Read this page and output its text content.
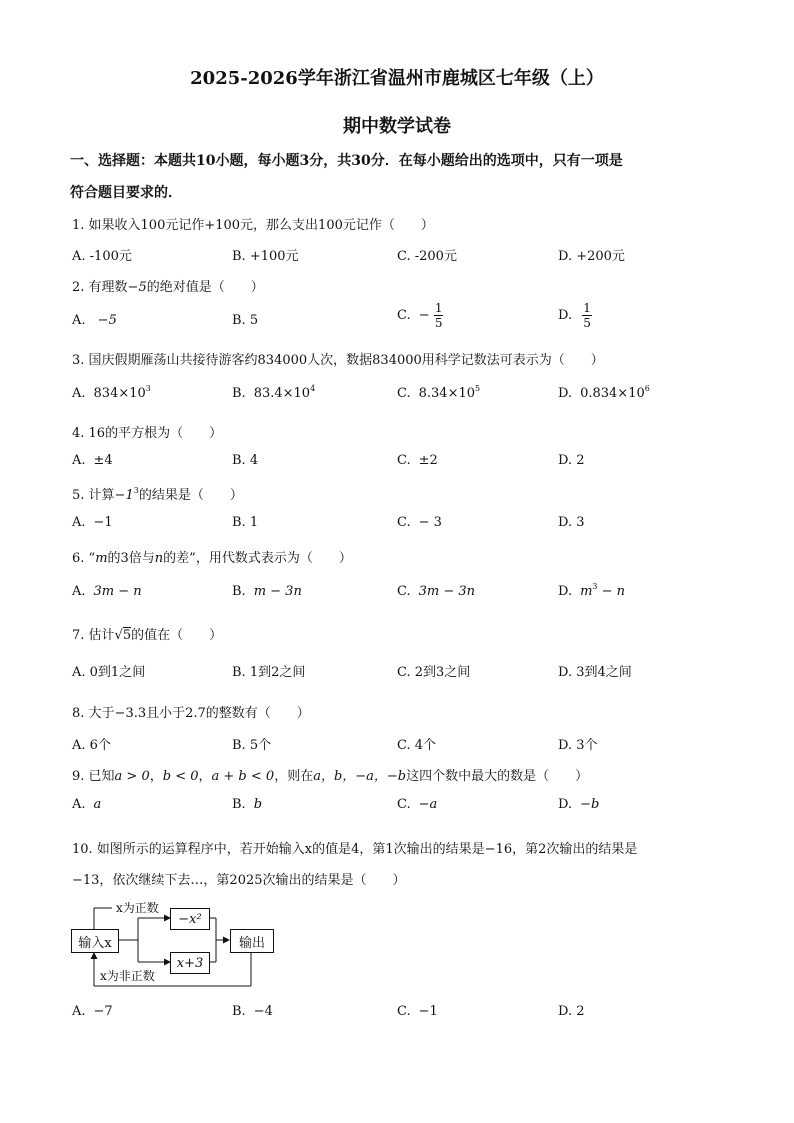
2025-2026学年浙江省温州市鹿城区七年级（上）
期中数学试卷
一、选择题：本题共10小题，每小题3分，共30分．在每小题给出的选项中，只有一项是
符合题目要求的．
1. 如果收入100元记作+100元，那么支出100元记作（　　）
A. -100元	B. +100元	C. -200元	D. +200元
2. 有理数−5的绝对值是（　　）
A. −5	B. 5	C. − $\frac{1}{5}$	D. $\frac{1}{5}$
3. 国庆假期雁荡山共接待游客约834000人次，数据834000用科学记数法可表示为（　　）
A. $834\times 10^3$	B. $83.4\times 10^4$	C. $8.34\times 10^5$	D. $0.834\times 10^6$
4. 16的平方根为（　　）
A. ±4	B. 4	C. ±2	D. 2
5. 计算$-1^3$的结果是（　　）
A. −1	B. 1	C. − 3	D. 3
6. “m的3倍与n的差”，用代数式表示为（　　）
A. 3m − n	B. m − 3n	C. 3m − 3n	D. $m^3 - n$
7. 估计√5的值在（　　）
A. 0到1之间	B. 1到2之间	C. 2到3之间	D. 3到4之间
8. 大于−3.3且小于2.7的整数有（　　）
A. 6个	B. 5个	C. 4个	D. 3个
9. 已知a > 0，b < 0，a + b < 0，则在a，b，−a，−b这四个数中最大的数是（　　）
A. a	B. b	C. −a	D. −b
10. 如图所示的运算程序中，若开始输入x的值是4，第1次输出的结果是−16，第2次输出的结果是
−13，依次继续下去…，第2025次输出的结果是（　　）
输入x
x为正数
−x²
x+3
输出
x为非正数
A. −7	B. −4	C. −1	D. 2
